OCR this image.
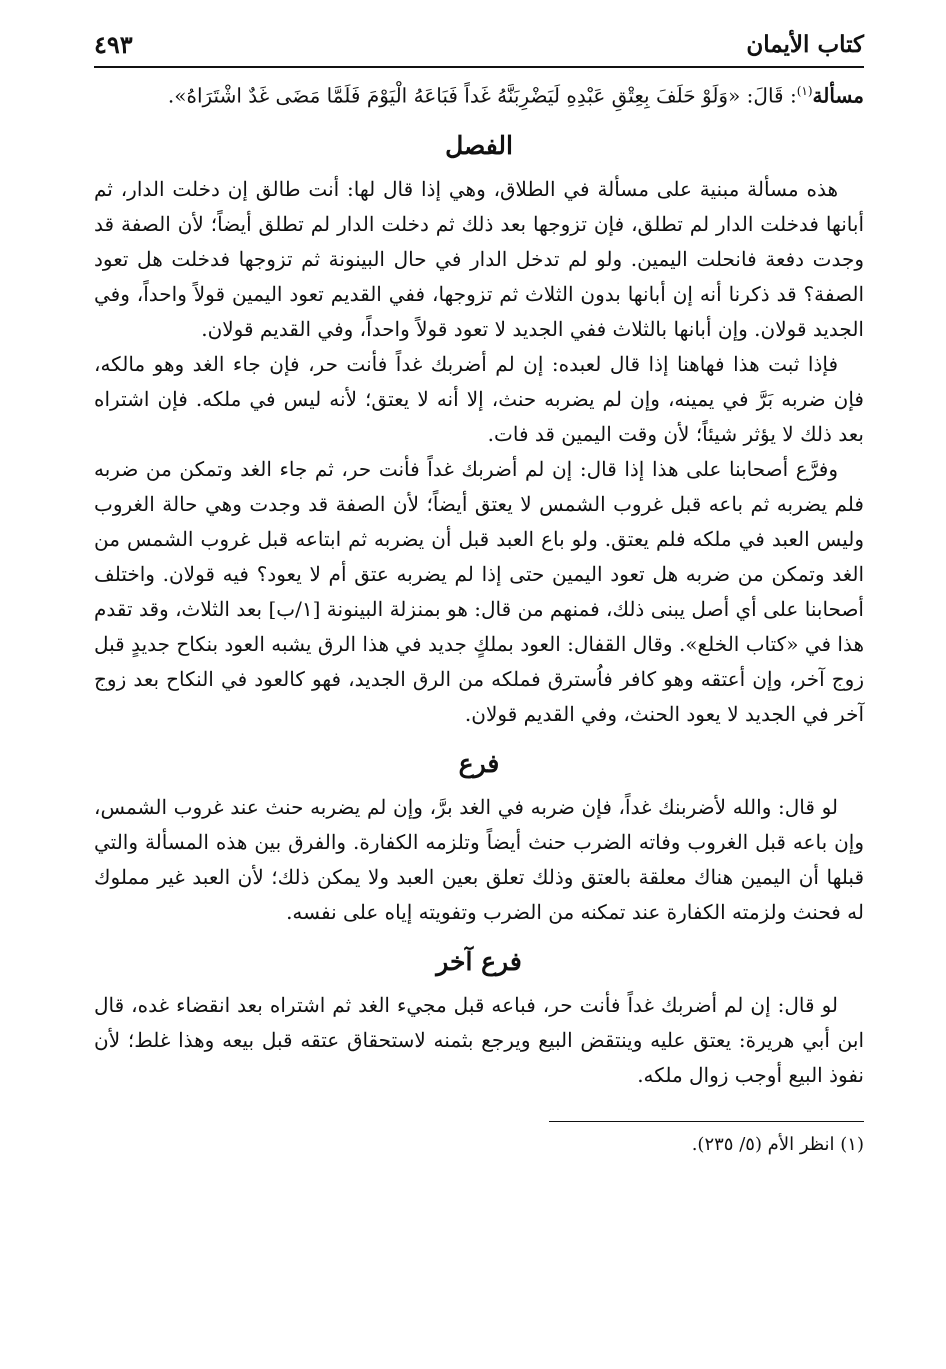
كتاب الأيمان
٤٩٣

مسألة$^{(١)}$: قَالَ: «وَلَوْ حَلَفَ بِعِتْقِ عَبْدِهِ لَيَضْرِبَنَّهُ غَداً فَبَاعَهُ الْيَوْمَ فَلَمَّا مَضَى غَدٌ اشْتَرَاهُ».

الفصل

هذه مسألة مبنية على مسألة في الطلاق، وهي إذا قال لها: أنت طالق إن دخلت الدار، ثم أبانها فدخلت الدار لم تطلق، فإن تزوجها بعد ذلك ثم دخلت الدار لم تطلق أيضاً؛ لأن الصفة قد وجدت دفعة فانحلت اليمين. ولو لم تدخل الدار في حال البينونة ثم تزوجها فدخلت هل تعود الصفة؟ قد ذكرنا أنه إن أبانها بدون الثلاث ثم تزوجها، ففي القديم تعود اليمين قولاً واحداً، وفي الجديد قولان. وإن أبانها بالثلاث ففي الجديد لا تعود قولاً واحداً، وفي القديم قولان.

فإذا ثبت هذا فهاهنا إذا قال لعبده: إن لم أضربك غداً فأنت حر، فإن جاء الغد وهو مالكه، فإن ضربه بَرَّ في يمينه، وإن لم يضربه حنث، إلا أنه لا يعتق؛ لأنه ليس في ملكه. فإن اشتراه بعد ذلك لا يؤثر شيئاً؛ لأن وقت اليمين قد فات.

وفرَّع أصحابنا على هذا إذا قال: إن لم أضربك غداً فأنت حر، ثم جاء الغد وتمكن من ضربه فلم يضربه ثم باعه قبل غروب الشمس لا يعتق أيضاً؛ لأن الصفة قد وجدت وهي حالة الغروب وليس العبد في ملكه فلم يعتق. ولو باع العبد قبل أن يضربه ثم ابتاعه قبل غروب الشمس من الغد وتمكن من ضربه هل تعود اليمين حتى إذا لم يضربه عتق أم لا يعود؟ فيه قولان. واختلف أصحابنا على أي أصل يبنى ذلك، فمنهم من قال: هو بمنزلة البينونة [١/ب] بعد الثلاث، وقد تقدم هذا في «كتاب الخلع». وقال القفال: العود بملكٍ جديد في هذا الرق يشبه العود بنكاح جديدٍ قبل زوج آخر، وإن أعتقه وهو كافر فاُسترق فملكه من الرق الجديد، فهو كالعود في النكاح بعد زوج آخر في الجديد لا يعود الحنث، وفي القديم قولان.

فرع

لو قال: والله لأضربنك غداً، فإن ضربه في الغد برَّ، وإن لم يضربه حنث عند غروب الشمس، وإن باعه قبل الغروب وفاته الضرب حنث أيضاً وتلزمه الكفارة. والفرق بين هذه المسألة والتي قبلها أن اليمين هناك معلقة بالعتق وذلك تعلق بعين العبد ولا يمكن ذلك؛ لأن العبد غير مملوك له فحنث ولزمته الكفارة عند تمكنه من الضرب وتفويته إياه على نفسه.

فرع آخر

لو قال: إن لم أضربك غداً فأنت حر، فباعه قبل مجيء الغد ثم اشتراه بعد انقضاء غده، قال ابن أبي هريرة: يعتق عليه وينتقض البيع ويرجع بثمنه لاستحقاق عتقه قبل بيعه وهذا غلط؛ لأن نفوذ البيع أوجب زوال ملكه.

(١) انظر الأم (٥/ ٢٣٥).
